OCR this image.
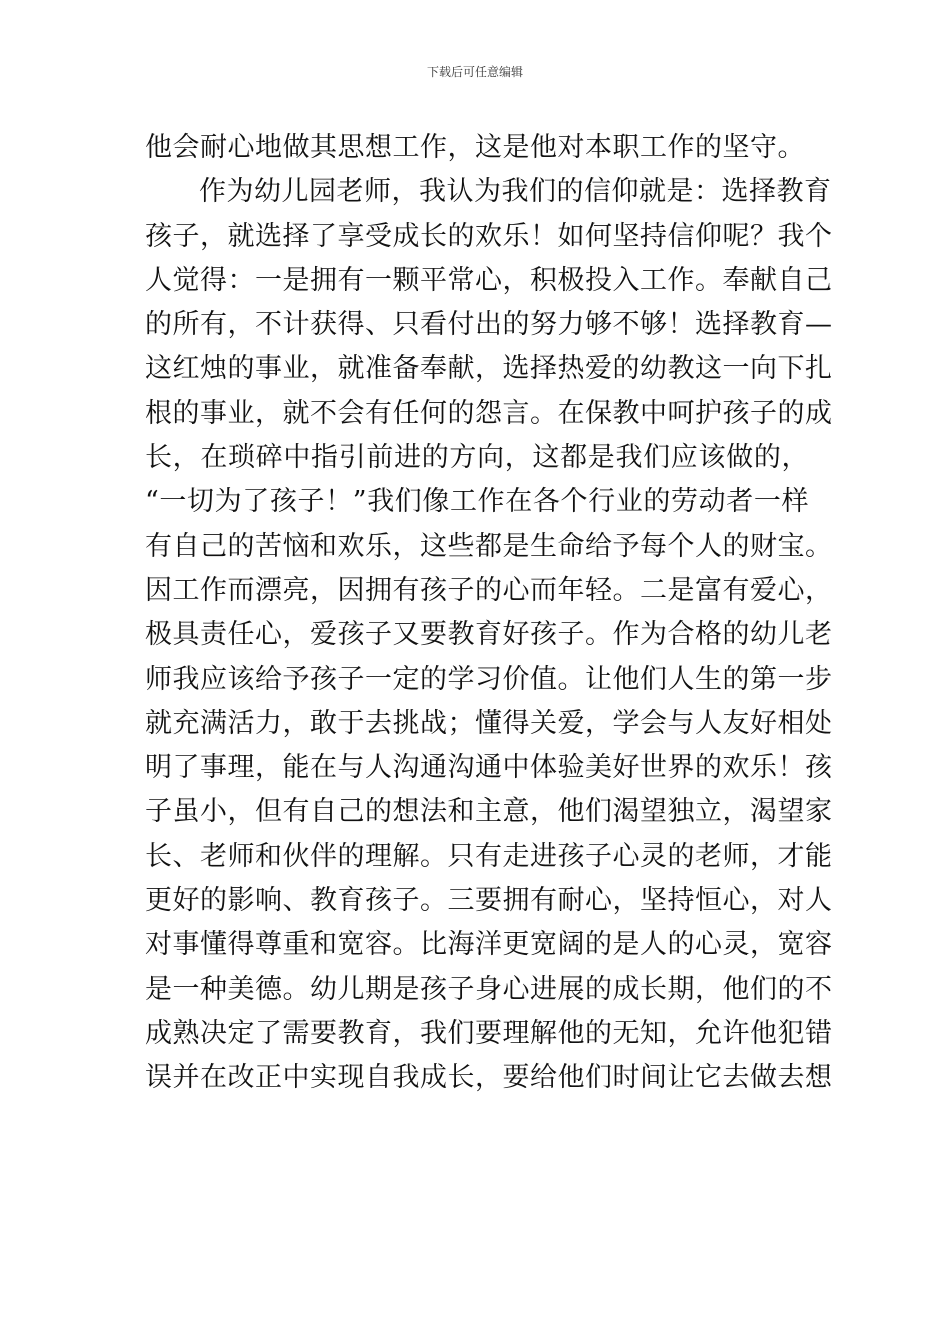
下载后可任意编辑
他会耐心地做其思想工作，这是他对本职工作的坚守。
作为幼儿园老师，我认为我们的信仰就是：选择教育
孩子，就选择了享受成长的欢乐！如何坚持信仰呢？我个
人觉得：一是拥有一颗平常心，积极投入工作。奉献自己
的所有，不计获得、只看付出的努力够不够！选择教育—
这红烛的事业，就准备奉献，选择热爱的幼教这一向下扎
根的事业，就不会有任何的怨言。在保教中呵护孩子的成
长，在琐碎中指引前进的方向，这都是我们应该做的，
“一切为了孩子！”我们像工作在各个行业的劳动者一样
有自己的苦恼和欢乐，这些都是生命给予每个人的财宝。
因工作而漂亮，因拥有孩子的心而年轻。二是富有爱心，
极具责任心，爱孩子又要教育好孩子。作为合格的幼儿老
师我应该给予孩子一定的学习价值。让他们人生的第一步
就充满活力，敢于去挑战；懂得关爱，学会与人友好相处
明了事理，能在与人沟通沟通中体验美好世界的欢乐！孩
子虽小，但有自己的想法和主意，他们渴望独立，渴望家
长、老师和伙伴的理解。只有走进孩子心灵的老师，才能
更好的影响、教育孩子。三要拥有耐心，坚持恒心，对人
对事懂得尊重和宽容。比海洋更宽阔的是人的心灵，宽容
是一种美德。幼儿期是孩子身心进展的成长期，他们的不
成熟决定了需要教育，我们要理解他的无知，允许他犯错
误并在改正中实现自我成长，要给他们时间让它去做去想
